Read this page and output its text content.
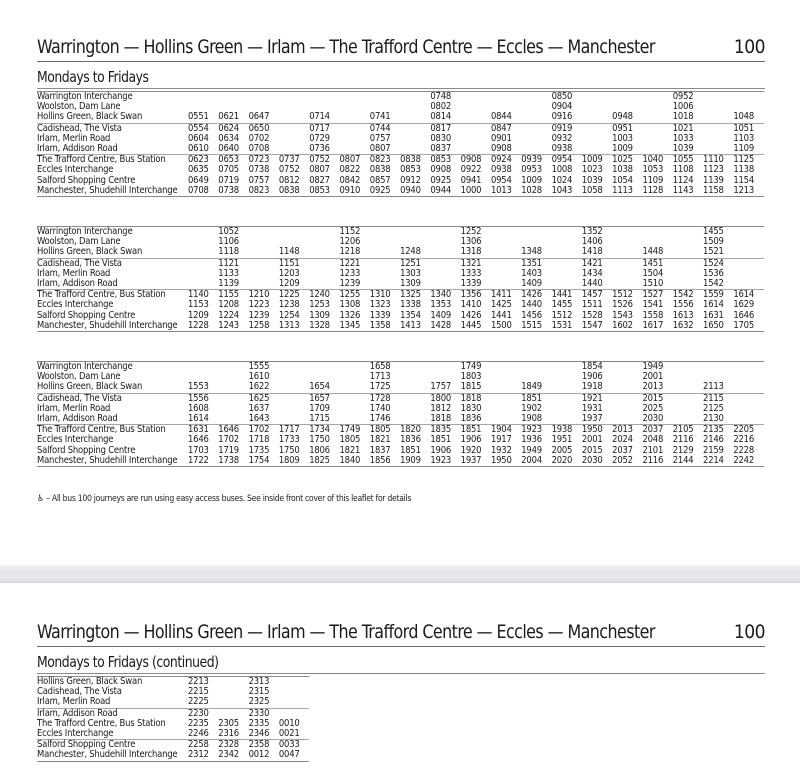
Warrington — Hollins Green — Irlam — The Trafford Centre — Eccles — Manchester	100
Mondays to Fridays
Warrington Interchange									0748				0850				0952		
Woolston, Dam Lane									0802				0904				1006		
Hollins Green, Black Swan	0551	0621	0647		0714		0741		0814		0844		0916		0948		1018		1048
Cadishead, The Vista	0554	0624	0650		0717		0744		0817		0847		0919		0951		1021		1051
Irlam, Merlin Road	0604	0634	0702		0729		0757		0830		0901		0932		1003		1033		1103
Irlam, Addison Road	0610	0640	0708		0736		0807		0837		0908		0938		1009		1039		1109
The Trafford Centre, Bus Station	0623	0653	0723	0737	0752	0807	0823	0838	0853	0908	0924	0939	0954	1009	1025	1040	1055	1110	1125
Eccles Interchange	0635	0705	0738	0752	0807	0822	0838	0853	0908	0922	0938	0953	1008	1023	1038	1053	1108	1123	1138
Salford Shopping Centre	0649	0719	0757	0812	0827	0842	0857	0912	0925	0941	0954	1009	1024	1039	1054	1109	1124	1139	1154
Manchester, Shudehill Interchange	0708	0738	0823	0838	0853	0910	0925	0940	0944	1000	1013	1028	1043	1058	1113	1128	1143	1158	1213
Warrington Interchange		1052				1152				1252				1352				1455	
Woolston, Dam Lane		1106				1206				1306				1406				1509	
Hollins Green, Black Swan		1118		1148		1218		1248		1318		1348		1418		1448		1521	
Cadishead, The Vista		1121		1151		1221		1251		1321		1351		1421		1451		1524	
Irlam, Merlin Road		1133		1203		1233		1303		1333		1403		1434		1504		1536	
Irlam, Addison Road		1139		1209		1239		1309		1339		1409		1440		1510		1542	
The Trafford Centre, Bus Station	1140	1155	1210	1225	1240	1255	1310	1325	1340	1356	1411	1426	1441	1457	1512	1527	1542	1559	1614
Eccles Interchange	1153	1208	1223	1238	1253	1308	1323	1338	1353	1410	1425	1440	1455	1511	1526	1541	1556	1614	1629
Salford Shopping Centre	1209	1224	1239	1254	1309	1326	1339	1354	1409	1426	1441	1456	1512	1528	1543	1558	1613	1631	1646
Manchester, Shudehill Interchange	1228	1243	1258	1313	1328	1345	1358	1413	1428	1445	1500	1515	1531	1547	1602	1617	1632	1650	1705
Warrington Interchange			1555				1658			1749				1854		1949			
Woolston, Dam Lane			1610				1713			1803				1906		2001			
Hollins Green, Black Swan	1553		1622		1654		1725		1757	1815		1849		1918		2013		2113	
Cadishead, The Vista	1556		1625		1657		1728		1800	1818		1851		1921		2015		2115	
Irlam, Merlin Road	1608		1637		1709		1740		1812	1830		1902		1931		2025		2125	
Irlam, Addison Road	1614		1643		1715		1746		1818	1836		1908		1937		2030		2130	
The Trafford Centre, Bus Station	1631	1646	1702	1717	1734	1749	1805	1820	1835	1851	1904	1923	1938	1950	2013	2037	2105	2135	2205
Eccles Interchange	1646	1702	1718	1733	1750	1805	1821	1836	1851	1906	1917	1936	1951	2001	2024	2048	2116	2146	2216
Salford Shopping Centre	1703	1719	1735	1750	1806	1821	1837	1851	1906	1920	1932	1949	2005	2015	2037	2101	2129	2159	2228
Manchester, Shudehill Interchange	1722	1738	1754	1809	1825	1840	1856	1909	1923	1937	1950	2004	2020	2030	2052	2116	2144	2214	2242
♿ – All bus 100 journeys are run using easy access buses. See inside front cover of this leaflet for details
Warrington — Hollins Green — Irlam — The Trafford Centre — Eccles — Manchester	100
Mondays to Fridays (continued)
Hollins Green, Black Swan	2213		2313	
Cadishead, The Vista	2215		2315	
Irlam, Merlin Road	2225		2325	
Irlam, Addison Road	2230		2330	
The Trafford Centre, Bus Station	2235	2305	2335	0010
Eccles Interchange	2246	2316	2346	0021
Salford Shopping Centre	2258	2328	2358	0033
Manchester, Shudehill Interchange	2312	2342	0012	0047
